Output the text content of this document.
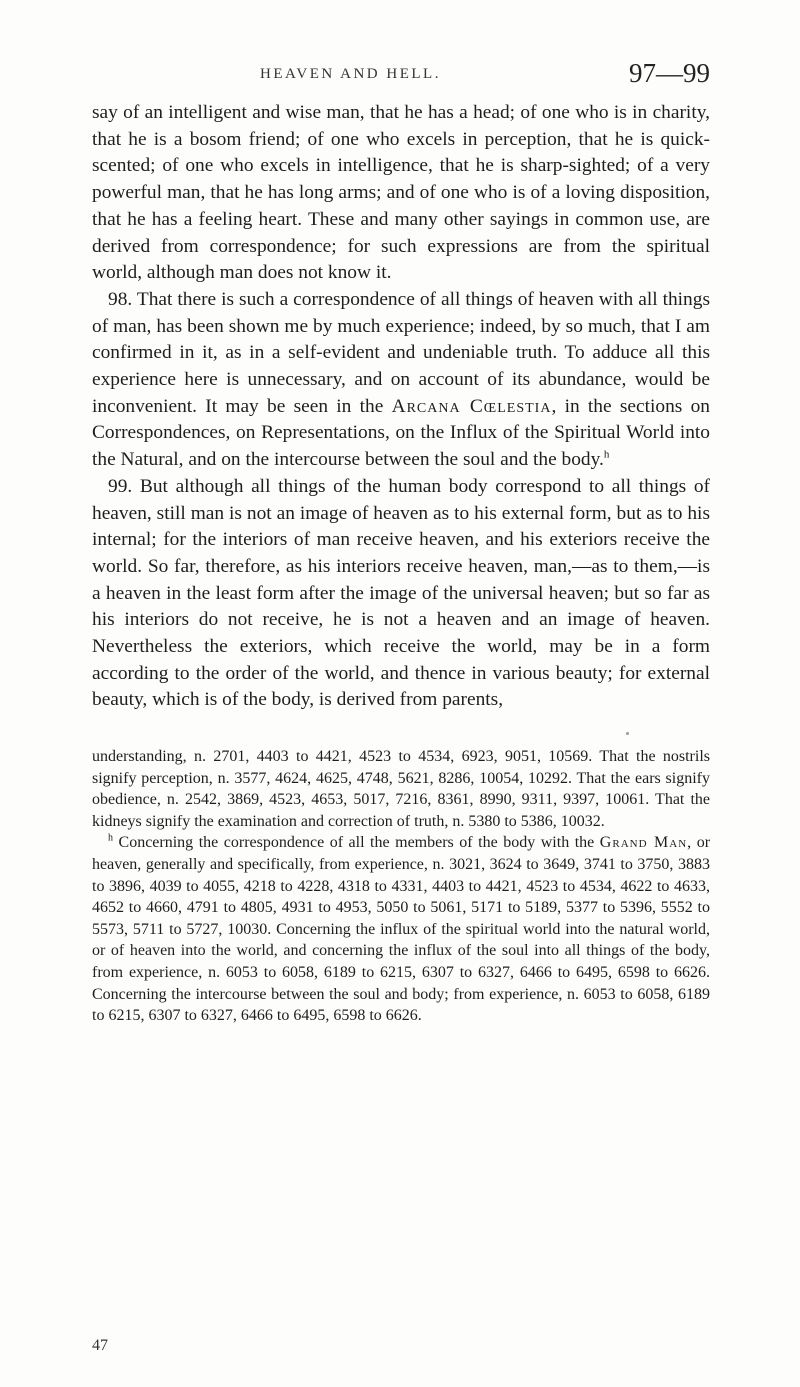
HEAVEN AND HELL.	97—99

say of an intelligent and wise man, that he has a head; of one who is in charity, that he is a bosom friend; of one who excels in perception, that he is quick-scented; of one who excels in intelligence, that he is sharp-sighted; of a very powerful man, that he has long arms; and of one who is of a loving disposition, that he has a feeling heart. These and many other sayings in common use, are derived from correspondence; for such expressions are from the spiritual world, although man does not know it.

98. That there is such a correspondence of all things of heaven with all things of man, has been shown me by much experience; indeed, by so much, that I am confirmed in it, as in a self-evident and undeniable truth. To adduce all this experience here is unnecessary, and on account of its abundance, would be inconvenient. It may be seen in the Arcana Cœlestia, in the sections on Correspondences, on Representations, on the Influx of the Spiritual World into the Natural, and on the intercourse between the soul and the body.$^h$

99. But although all things of the human body correspond to all things of heaven, still man is not an image of heaven as to his external form, but as to his internal; for the interiors of man receive heaven, and his exteriors receive the world. So far, therefore, as his interiors receive heaven, man,—as to them,—is a heaven in the least form after the image of the universal heaven; but so far as his interiors do not receive, he is not a heaven and an image of heaven. Nevertheless the exteriors, which receive the world, may be in a form according to the order of the world, and thence in various beauty; for external beauty, which is of the body, is derived from parents,

understanding, n. 2701, 4403 to 4421, 4523 to 4534, 6923, 9051, 10569. That the nostrils signify perception, n. 3577, 4624, 4625, 4748, 5621, 8286, 10054, 10292. That the ears signify obedience, n. 2542, 3869, 4523, 4653, 5017, 7216, 8361, 8990, 9311, 9397, 10061. That the kidneys signify the examination and correction of truth, n. 5380 to 5386, 10032.

$^h$ Concerning the correspondence of all the members of the body with the Grand Man, or heaven, generally and specifically, from experience, n. 3021, 3624 to 3649, 3741 to 3750, 3883 to 3896, 4039 to 4055, 4218 to 4228, 4318 to 4331, 4403 to 4421, 4523 to 4534, 4622 to 4633, 4652 to 4660, 4791 to 4805, 4931 to 4953, 5050 to 5061, 5171 to 5189, 5377 to 5396, 5552 to 5573, 5711 to 5727, 10030. Concerning the influx of the spiritual world into the natural world, or of heaven into the world, and concerning the influx of the soul into all things of the body, from experience, n. 6053 to 6058, 6189 to 6215, 6307 to 6327, 6466 to 6495, 6598 to 6626. Concerning the intercourse between the soul and body; from experience, n. 6053 to 6058, 6189 to 6215, 6307 to 6327, 6466 to 6495, 6598 to 6626.

47
